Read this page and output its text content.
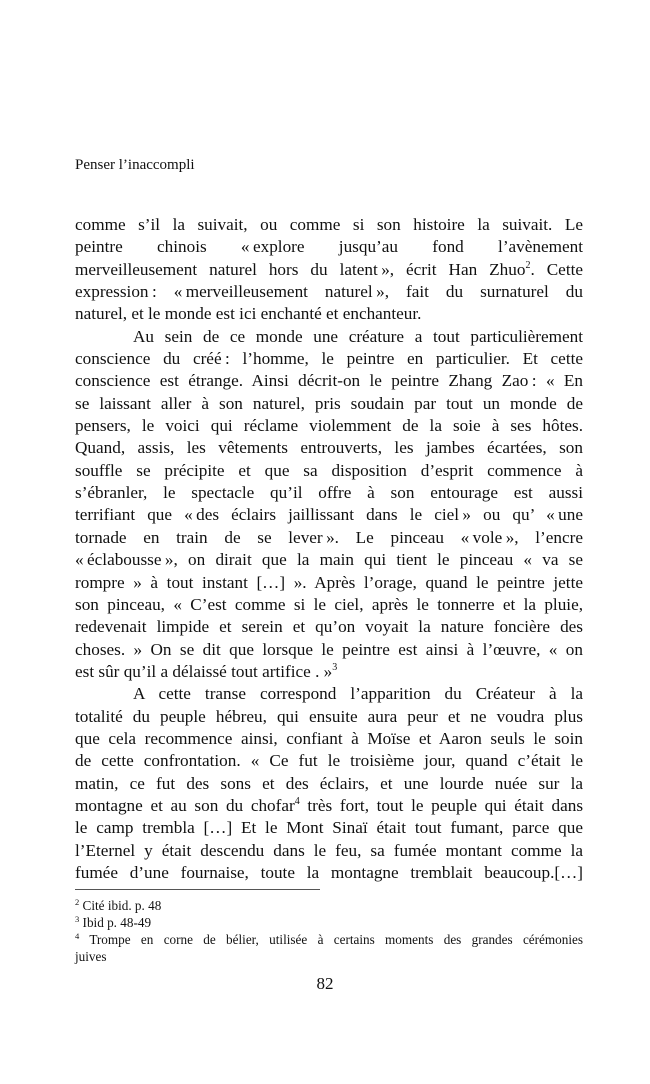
Penser l’inaccompli
comme s’il la suivait, ou comme si son histoire la suivait. Le
peintre chinois « explore jusqu’au fond l’avènement
merveilleusement naturel hors du latent », écrit Han Zhuo$^2$. Cette
expression : « merveilleusement naturel », fait du surnaturel du
naturel, et le monde est ici enchanté et enchanteur.
Au sein de ce monde une créature a tout particulièrement
conscience du créé : l’homme, le peintre en particulier. Et cette
conscience est étrange. Ainsi décrit-on le peintre Zhang Zao : « En
se laissant aller à son naturel, pris soudain par tout un monde de
pensers, le voici qui réclame violemment de la soie à ses hôtes.
Quand, assis, les vêtements entrouverts, les jambes écartées, son
souffle se précipite et que sa disposition d’esprit commence à
s’ébranler, le spectacle qu’il offre à son entourage est aussi
terrifiant que « des éclairs jaillissant dans le ciel » ou qu’ « une
tornade en train de se lever ». Le pinceau « vole », l’encre
« éclabousse », on dirait que la main qui tient le pinceau « va se
rompre » à tout instant […] ». Après l’orage, quand le peintre jette
son pinceau, « C’est comme si le ciel, après le tonnerre et la pluie,
redevenait limpide et serein et qu’on voyait la nature foncière des
choses. » On se dit que lorsque le peintre est ainsi à l’œuvre, « on
est sûr qu’il a délaissé tout artifice . »$^3$
A cette transe correspond l’apparition du Créateur à la
totalité du peuple hébreu, qui ensuite aura peur et ne voudra plus
que cela recommence ainsi, confiant à Moïse et Aaron seuls le soin
de cette confrontation. « Ce fut le troisième jour, quand c’était le
matin, ce fut des sons et des éclairs, et une lourde nuée sur la
montagne et au son du chofar$^4$ très fort, tout le peuple qui était dans
le camp trembla […] Et le Mont Sinaï était tout fumant, parce que
l’Eternel y était descendu dans le feu, sa fumée montant comme la
fumée d’une fournaise, toute la montagne tremblait beaucoup.[…]
$^2$ Cité ibid. p. 48
$^3$ Ibid p. 48-49
$^4$ Trompe en corne de bélier, utilisée à certains moments des grandes cérémonies
juives
82
